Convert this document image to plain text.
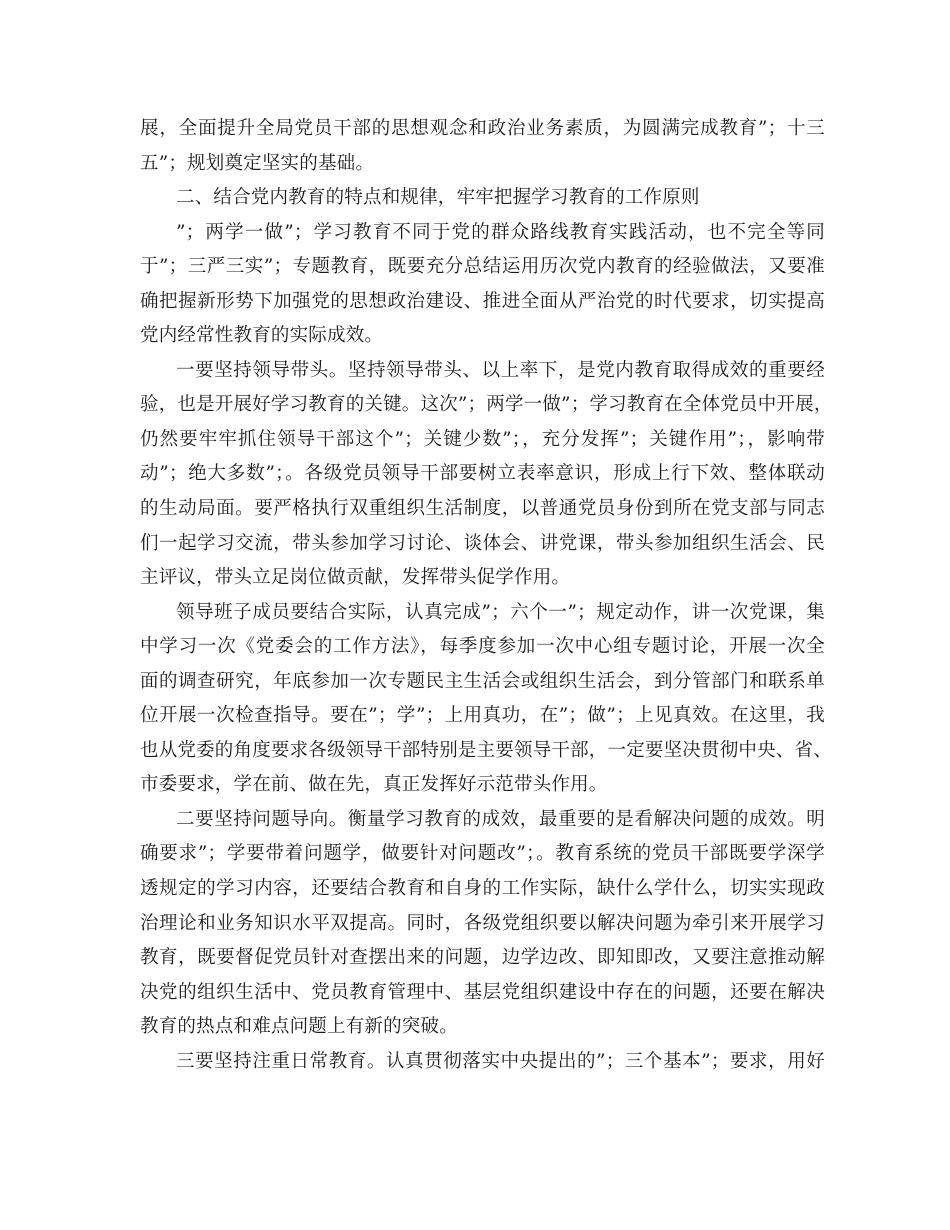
展，全面提升全局党员干部的思想观念和政治业务素质，为圆满完成教育”；十三
五”；规划奠定坚实的基础。
二、结合党内教育的特点和规律，牢牢把握学习教育的工作原则
”；两学一做”；学习教育不同于党的群众路线教育实践活动，也不完全等同
于”；三严三实”；专题教育，既要充分总结运用历次党内教育的经验做法，又要准
确把握新形势下加强党的思想政治建设、推进全面从严治党的时代要求，切实提高
党内经常性教育的实际成效。
一要坚持领导带头。坚持领导带头、以上率下，是党内教育取得成效的重要经
验，也是开展好学习教育的关键。这次”；两学一做”；学习教育在全体党员中开展，
仍然要牢牢抓住领导干部这个”；关键少数”；，充分发挥”；关键作用”；，影响带
动”；绝大多数”；。各级党员领导干部要树立表率意识，形成上行下效、整体联动
的生动局面。要严格执行双重组织生活制度，以普通党员身份到所在党支部与同志
们一起学习交流，带头参加学习讨论、谈体会、讲党课，带头参加组织生活会、民
主评议，带头立足岗位做贡献，发挥带头促学作用。
领导班子成员要结合实际，认真完成”；六个一”；规定动作，讲一次党课，集
中学习一次《党委会的工作方法》，每季度参加一次中心组专题讨论，开展一次全
面的调查研究，年底参加一次专题民主生活会或组织生活会，到分管部门和联系单
位开展一次检查指导。要在”；学”；上用真功，在”；做”；上见真效。在这里，我
也从党委的角度要求各级领导干部特别是主要领导干部，一定要坚决贯彻中央、省、
市委要求，学在前、做在先，真正发挥好示范带头作用。
二要坚持问题导向。衡量学习教育的成效，最重要的是看解决问题的成效。明
确要求”；学要带着问题学，做要针对问题改”；。教育系统的党员干部既要学深学
透规定的学习内容，还要结合教育和自身的工作实际，缺什么学什么，切实实现政
治理论和业务知识水平双提高。同时，各级党组织要以解决问题为牵引来开展学习
教育，既要督促党员针对查摆出来的问题，边学边改、即知即改，又要注意推动解
决党的组织生活中、党员教育管理中、基层党组织建设中存在的问题，还要在解决
教育的热点和难点问题上有新的突破。
三要坚持注重日常教育。认真贯彻落实中央提出的”；三个基本”；要求，用好
